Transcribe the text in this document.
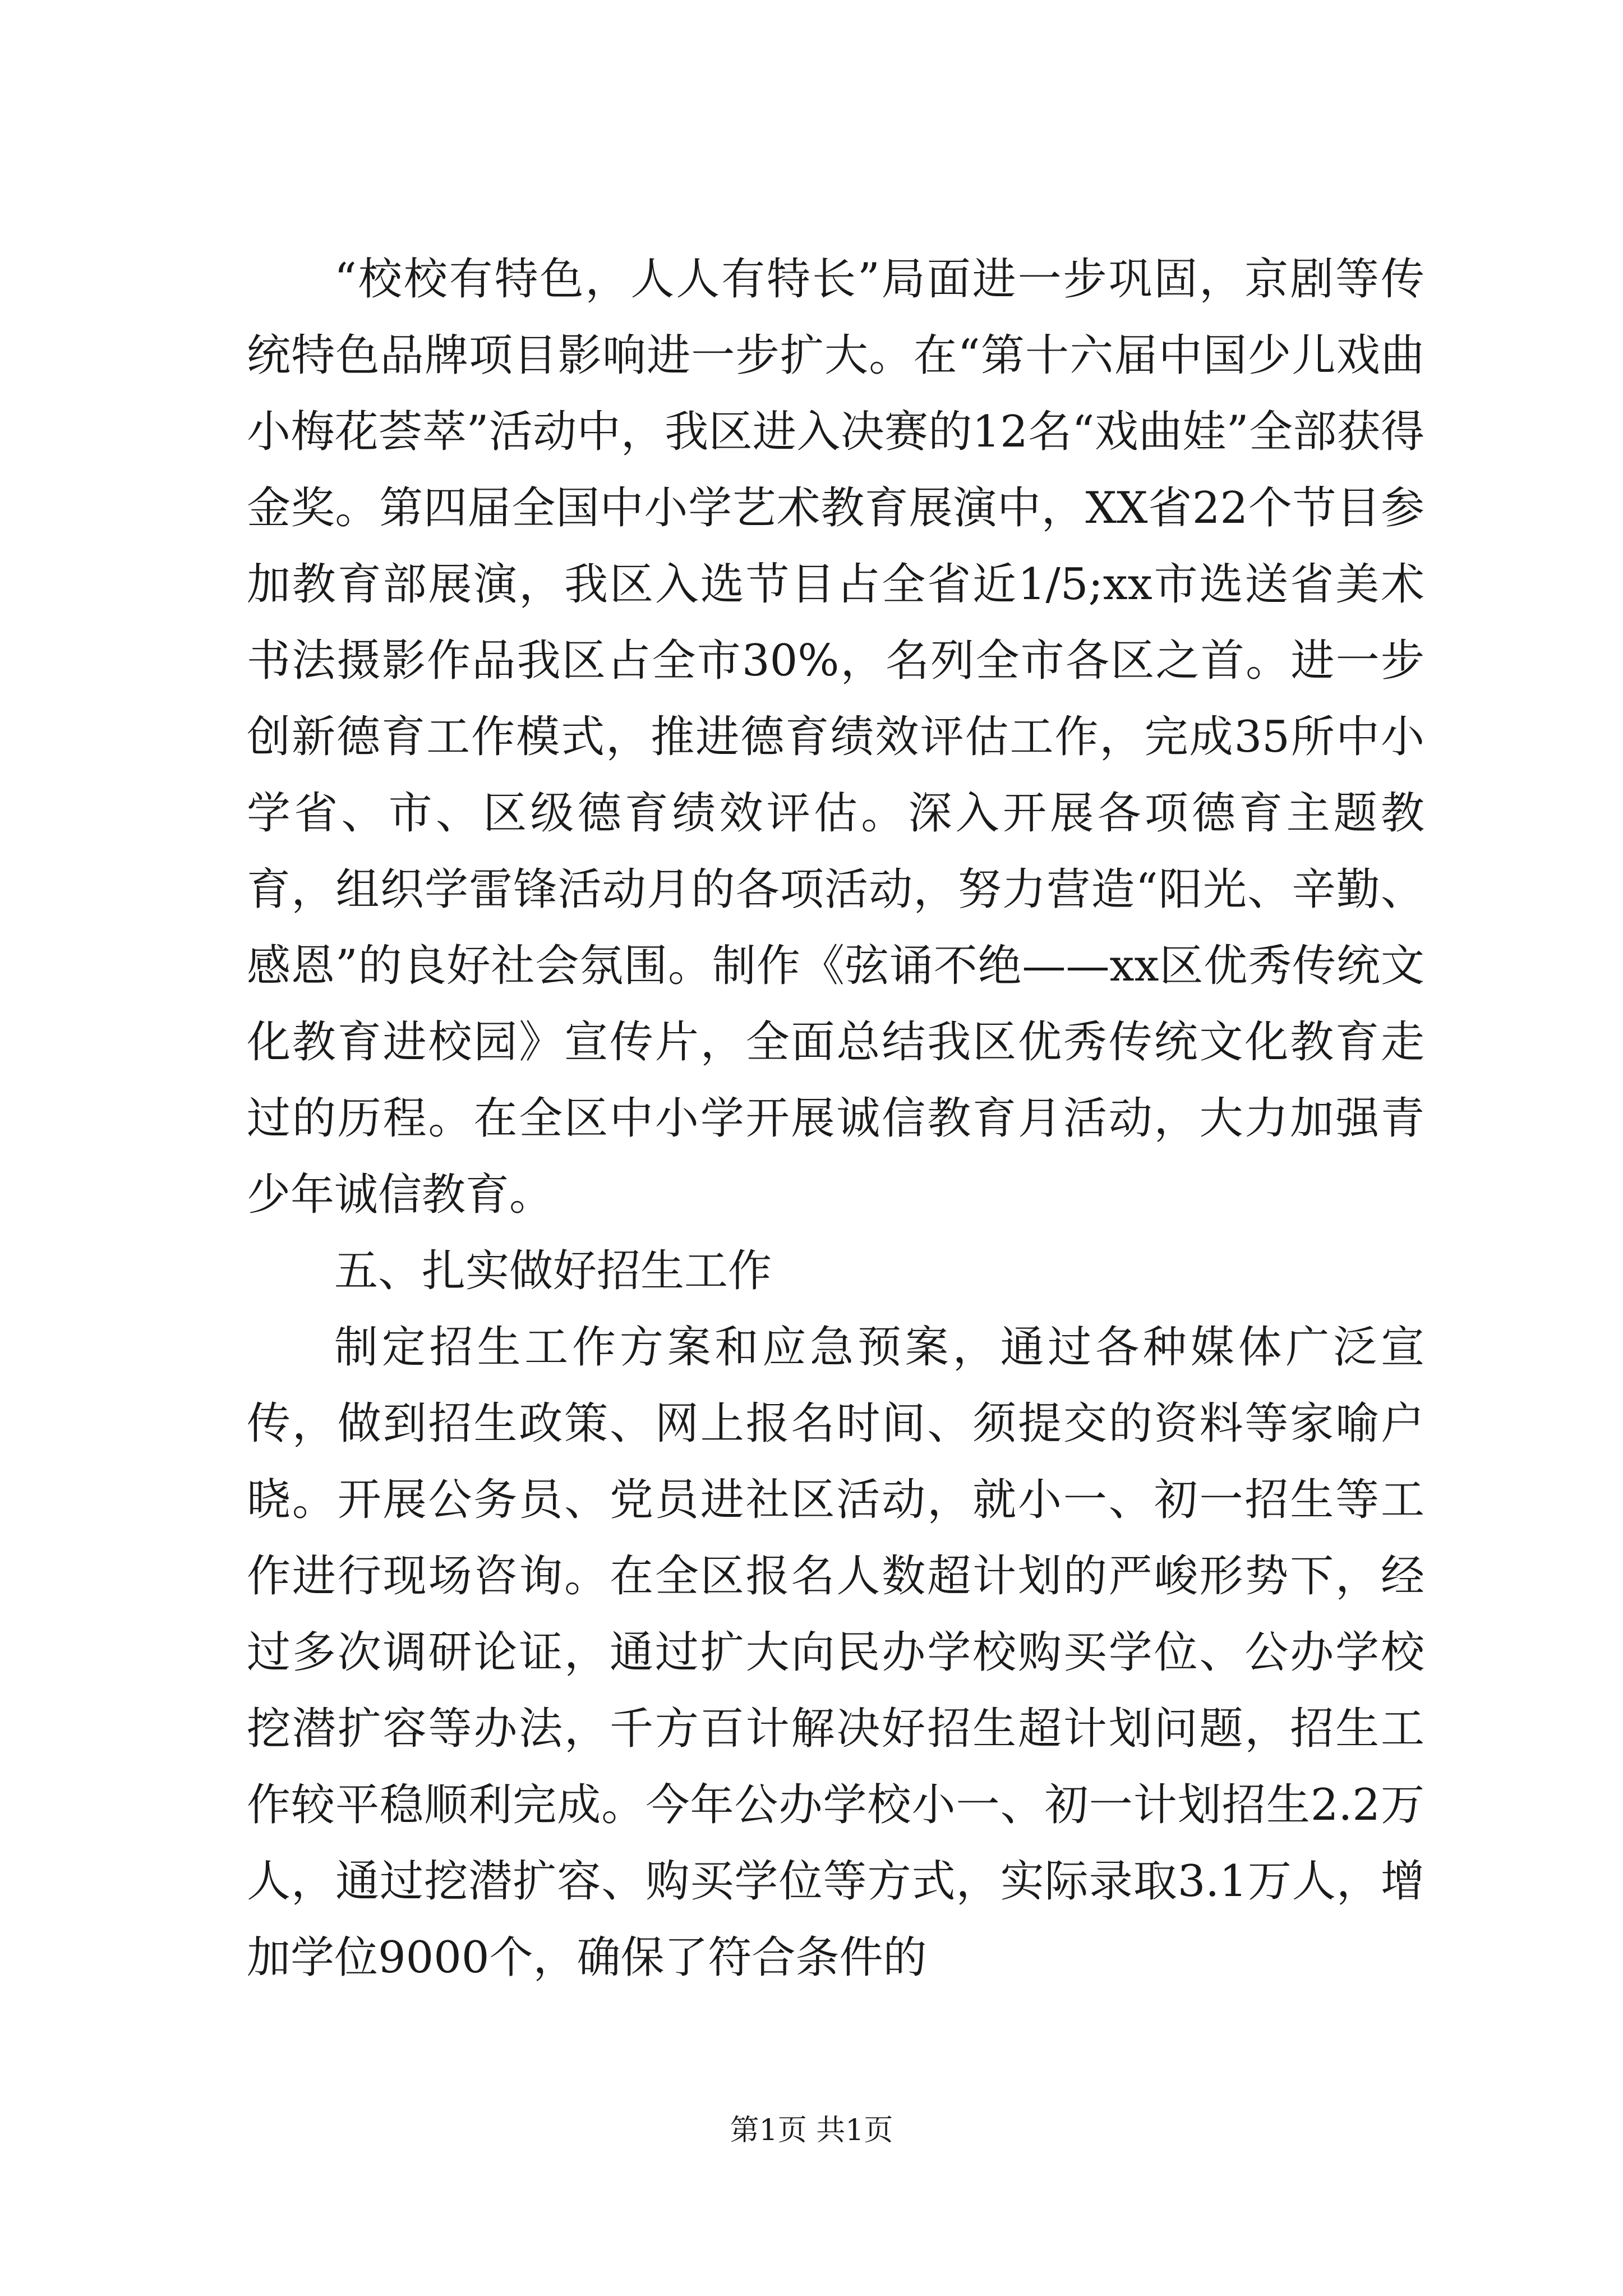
“校校有特色，人人有特长”局面进一步巩固，京剧等传统特色品牌项目影响进一步扩大。在“第十六届中国少儿戏曲小梅花荟萃”活动中，我区进入决赛的12名“戏曲娃”全部获得金奖。第四届全国中小学艺术教育展演中，XX省22个节目参加教育部展演，我区入选节目占全省近1/5;xx市选送省美术书法摄影作品我区占全市30%，名列全市各区之首。进一步创新德育工作模式，推进德育绩效评估工作，完成35所中小学省、市、区级德育绩效评估。深入开展各项德育主题教育，组织学雷锋活动月的各项活动，努力营造“阳光、辛勤、感恩”的良好社会氛围。制作《弦诵不绝——xx区优秀传统文化教育进校园》宣传片，全面总结我区优秀传统文化教育走过的历程。在全区中小学开展诚信教育月活动，大力加强青少年诚信教育。

五、扎实做好招生工作

制定招生工作方案和应急预案，通过各种媒体广泛宣传，做到招生政策、网上报名时间、须提交的资料等家喻户晓。开展公务员、党员进社区活动，就小一、初一招生等工作进行现场咨询。在全区报名人数超计划的严峻形势下，经过多次调研论证，通过扩大向民办学校购买学位、公办学校挖潜扩容等办法，千方百计解决好招生超计划问题，招生工作较平稳顺利完成。今年公办学校小一、初一计划招生2.2万人，通过挖潜扩容、购买学位等方式，实际录取3.1万人，增加学位9000个，确保了符合条件的

第1页 共1页
